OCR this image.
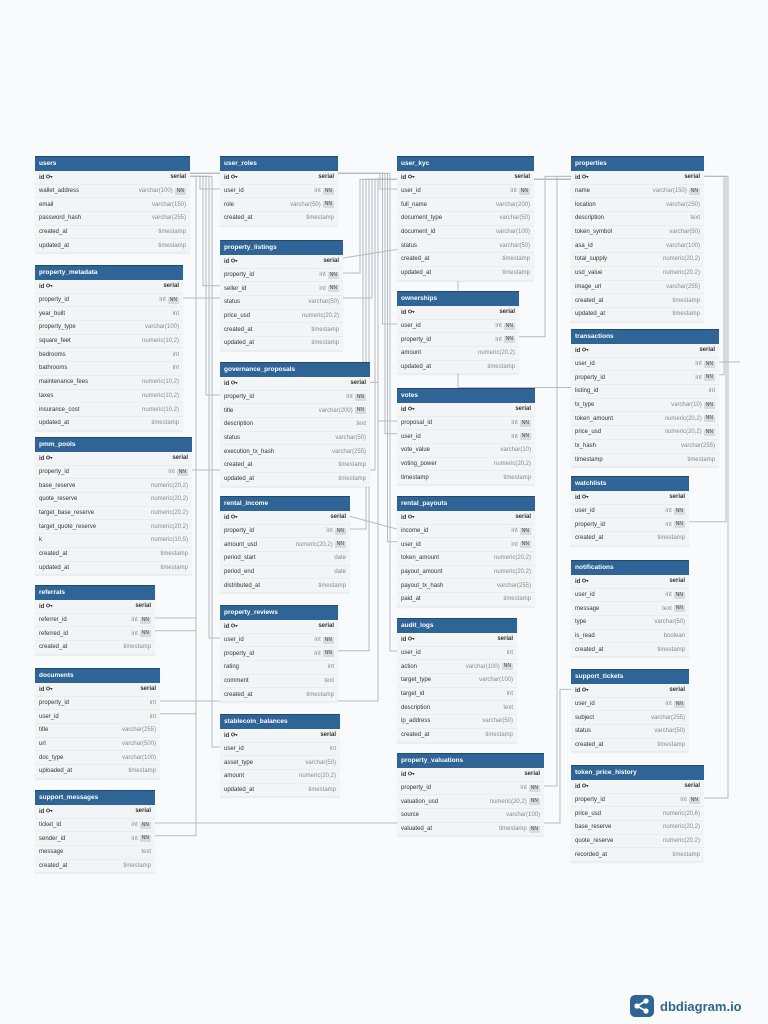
users
id	serial
wallet_address	varchar(100) NN
email	varchar(150)
password_hash	varchar(255)
created_at	timestamp
updated_at	timestamp
property_metadata
id	serial
property_id	int NN
year_built	int
property_type	varchar(100)
square_feet	numeric(10,2)
bedrooms	int
bathrooms	int
maintenance_fees	numeric(10,2)
taxes	numeric(10,2)
insurance_cost	numeric(10,2)
updated_at	timestamp
pmm_pools
id	serial
property_id	int NN
base_reserve	numeric(20,2)
quote_reserve	numeric(20,2)
target_base_reserve	numeric(20,2)
target_quote_reserve	numeric(20,2)
k	numeric(10,5)
created_at	timestamp
updated_at	timestamp
referrals
id	serial
referrer_id	int NN
referred_id	int NN
created_at	timestamp
documents
id	serial
property_id	int
user_id	int
title	varchar(255)
url	varchar(500)
doc_type	varchar(100)
uploaded_at	timestamp
support_messages
id	serial
ticket_id	int NN
sender_id	int NN
message	text
created_at	timestamp
user_roles
id	serial
user_id	int NN
role	varchar(50) NN
created_at	timestamp
property_listings
id	serial
property_id	int NN
seller_id	int NN
status	varchar(50)
price_usd	numeric(20,2)
created_at	timestamp
updated_at	timestamp
governance_proposals
id	serial
property_id	int NN
title	varchar(200) NN
description	text
status	varchar(50)
execution_tx_hash	varchar(255)
created_at	timestamp
updated_at	timestamp
rental_income
id	serial
property_id	int NN
amount_usd	numeric(20,2) NN
period_start	date
period_end	date
distributed_at	timestamp
property_reviews
id	serial
user_id	int NN
property_id	int NN
rating	int
comment	text
created_at	timestamp
stablecoin_balances
id	serial
user_id	int
asset_type	varchar(50)
amount	numeric(20,2)
updated_at	timestamp
user_kyc
id	serial
user_id	int NN
full_name	varchar(200)
document_type	varchar(50)
document_id	varchar(100)
status	varchar(50)
created_at	timestamp
updated_at	timestamp
ownerships
id	serial
user_id	int NN
property_id	int NN
amount	numeric(20,2)
updated_at	timestamp
votes
id	serial
proposal_id	int NN
user_id	int NN
vote_value	varchar(10)
voting_power	numeric(20,2)
timestamp	timestamp
rental_payouts
id	serial
income_id	int NN
user_id	int NN
token_amount	numeric(20,2)
payout_amount	numeric(20,2)
payout_tx_hash	varchar(255)
paid_at	timestamp
audit_logs
id	serial
user_id	int
action	varchar(100) NN
target_type	varchar(100)
target_id	int
description	text
ip_address	varchar(50)
created_at	timestamp
property_valuations
id	serial
property_id	int NN
valuation_usd	numeric(20,2) NN
source	varchar(100)
valuated_at	timestamp NN
properties
id	serial
name	varchar(150) NN
location	varchar(250)
description	text
token_symbol	varchar(50)
asa_id	varchar(100)
total_supply	numeric(20,2)
usd_value	numeric(20,2)
image_url	varchar(255)
created_at	timestamp
updated_at	timestamp
transactions
id	serial
user_id	int NN
property_id	int NN
listing_id	int
tx_type	varchar(10) NN
token_amount	numeric(20,2) NN
price_usd	numeric(20,2) NN
tx_hash	varchar(255)
timestamp	timestamp
watchlists
id	serial
user_id	int NN
property_id	int NN
created_at	timestamp
notifications
id	serial
user_id	int NN
message	text NN
type	varchar(50)
is_read	boolean
created_at	timestamp
support_tickets
id	serial
user_id	int NN
subject	varchar(255)
status	varchar(50)
created_at	timestamp
token_price_history
id	serial
property_id	int NN
price_usd	numeric(20,6)
base_reserve	numeric(20,2)
quote_reserve	numeric(20,2)
recorded_at	timestamp
dbdiagram.io
